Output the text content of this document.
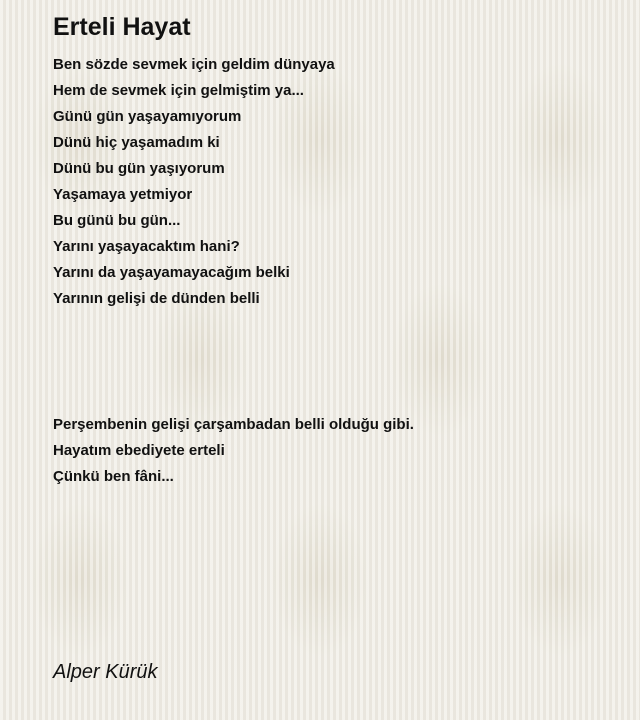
Erteli Hayat
Ben sözde sevmek için geldim dünyaya
Hem de sevmek için gelmiştim ya...
Günü gün yaşayamıyorum
Dünü hiç yaşamadım ki
Dünü bu gün yaşıyorum
Yaşamaya yetmiyor
Bu günü bu gün...
Yarını yaşayacaktım hani?
Yarını da yaşayamayacağım belki
Yarının gelişi de dünden belli
Perşembenin gelişi çarşambadan belli olduğu gibi.
Hayatım ebediyete erteli
Çünkü ben fâni...
Alper Kürük
